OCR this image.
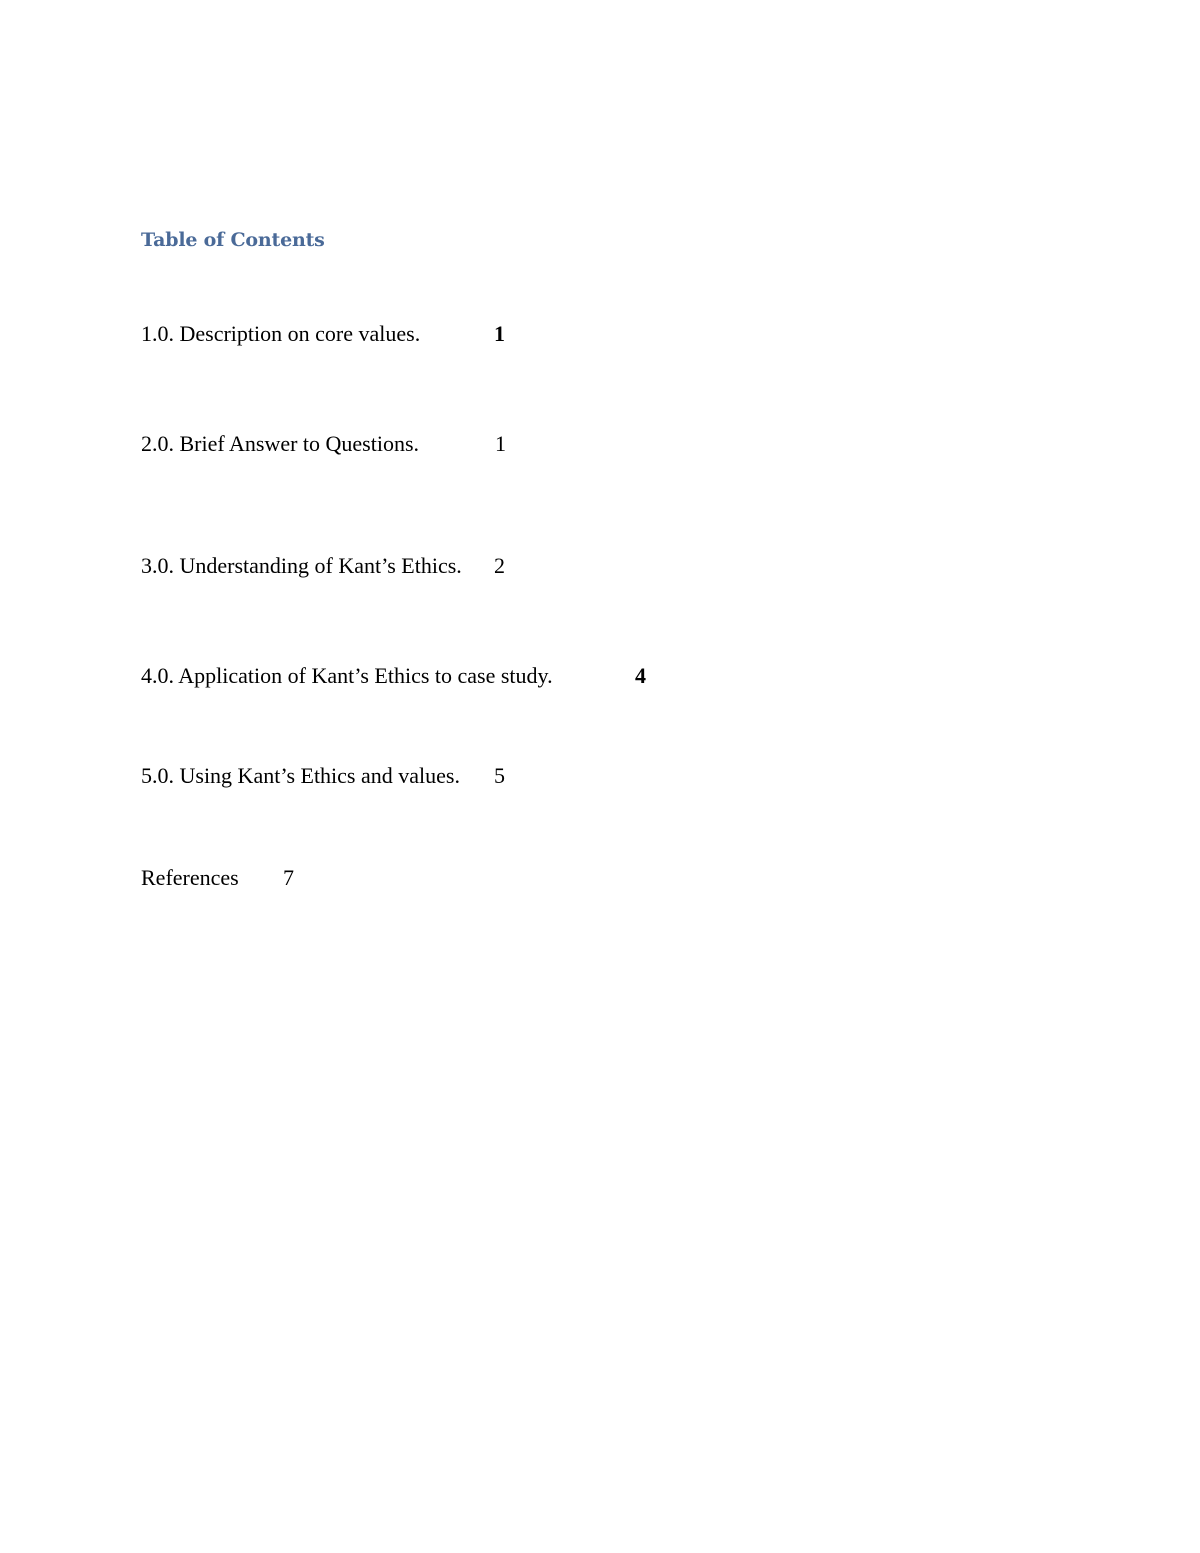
Table of Contents
1.0. Description on core values.	1
2.0. Brief Answer to Questions.	1
3.0. Understanding of Kant’s Ethics. 2
4.0. Application of Kant’s Ethics to case study.	4
5.0. Using Kant’s Ethics and values. 5
References 7
